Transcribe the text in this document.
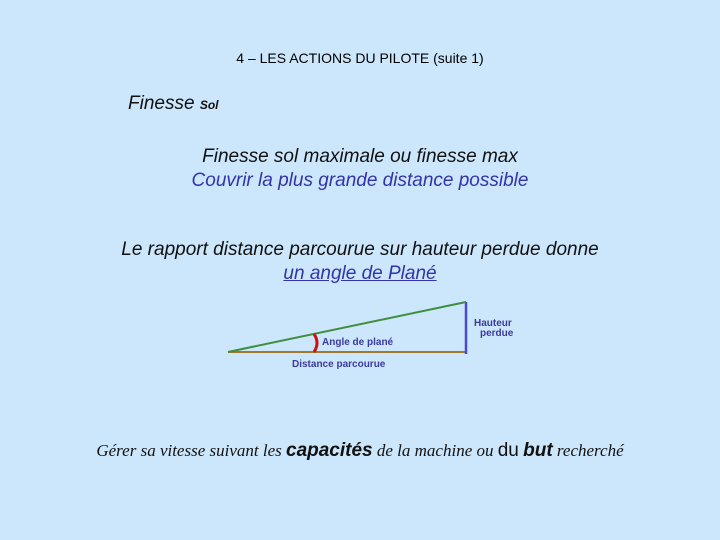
4 – LES ACTIONS DU PILOTE (suite 1)
Finesse Sol
Finesse sol maximale ou finesse max
Couvrir la plus grande distance possible
Le rapport distance parcourue sur hauteur perdue donne
un angle de Plané
Angle de plané
Hauteur
perdue
Distance parcourue
Gérer sa vitesse suivant les capacités de la machine ou du but recherché
